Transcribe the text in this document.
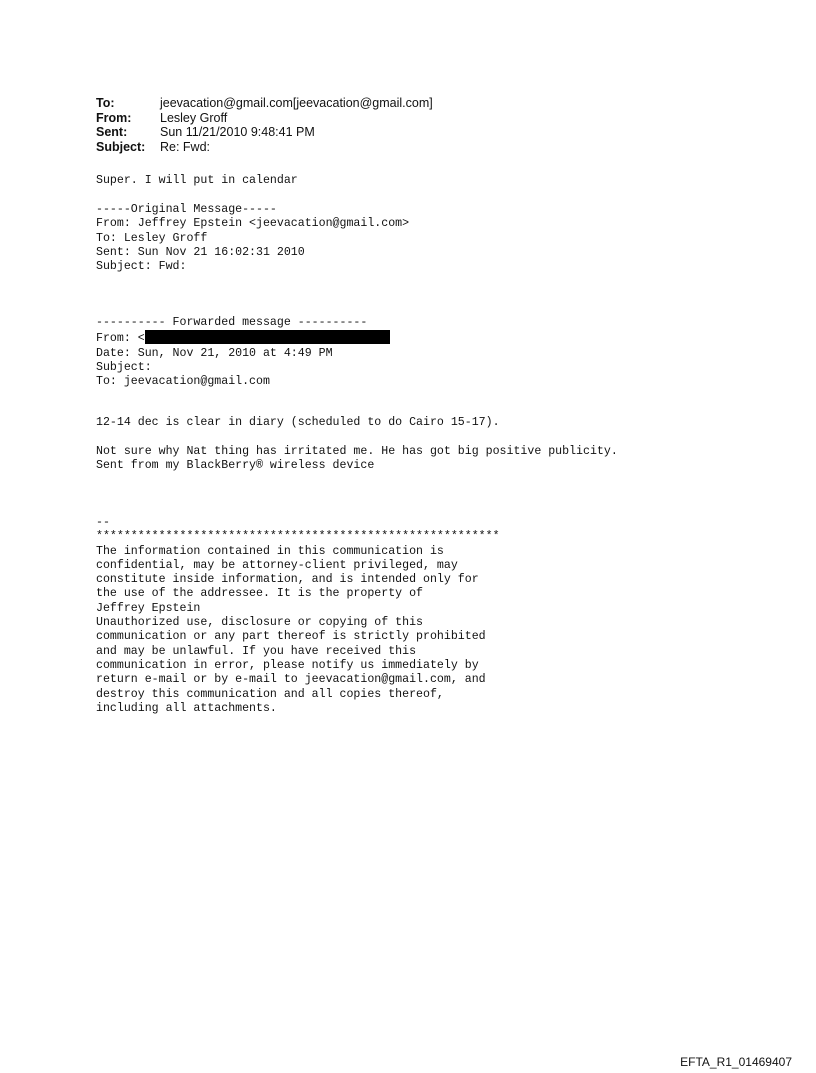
To:	jeevacation@gmail.com[jeevacation@gmail.com]
From:	Lesley Groff
Sent:	Sun 11/21/2010 9:48:41 PM
Subject:	Re: Fwd:

Super. I will put in calendar

-----Original Message-----

From: Jeffrey Epstein <jeevacation@gmail.com>

To: Lesley Groff

Sent: Sun Nov 21 16:02:31 2010

Subject: Fwd:

---------- Forwarded message ----------

From: <

Date: Sun, Nov 21, 2010 at 4:49 PM

Subject:

To: jeevacation@gmail.com

12-14 dec is clear in diary (scheduled to do Cairo 15-17).

Not sure why Nat thing has irritated me. He has got big positive publicity.

Sent from my BlackBerry® wireless device

--

**********************************************************

The information contained in this communication is

confidential, may be attorney-client privileged, may

constitute inside information, and is intended only for

the use of the addressee. It is the property of

Jeffrey Epstein

Unauthorized use, disclosure or copying of this

communication or any part thereof is strictly prohibited

and may be unlawful. If you have received this

communication in error, please notify us immediately by

return e-mail or by e-mail to jeevacation@gmail.com, and

destroy this communication and all copies thereof,

including all attachments.

EFTA_R1_01469407
